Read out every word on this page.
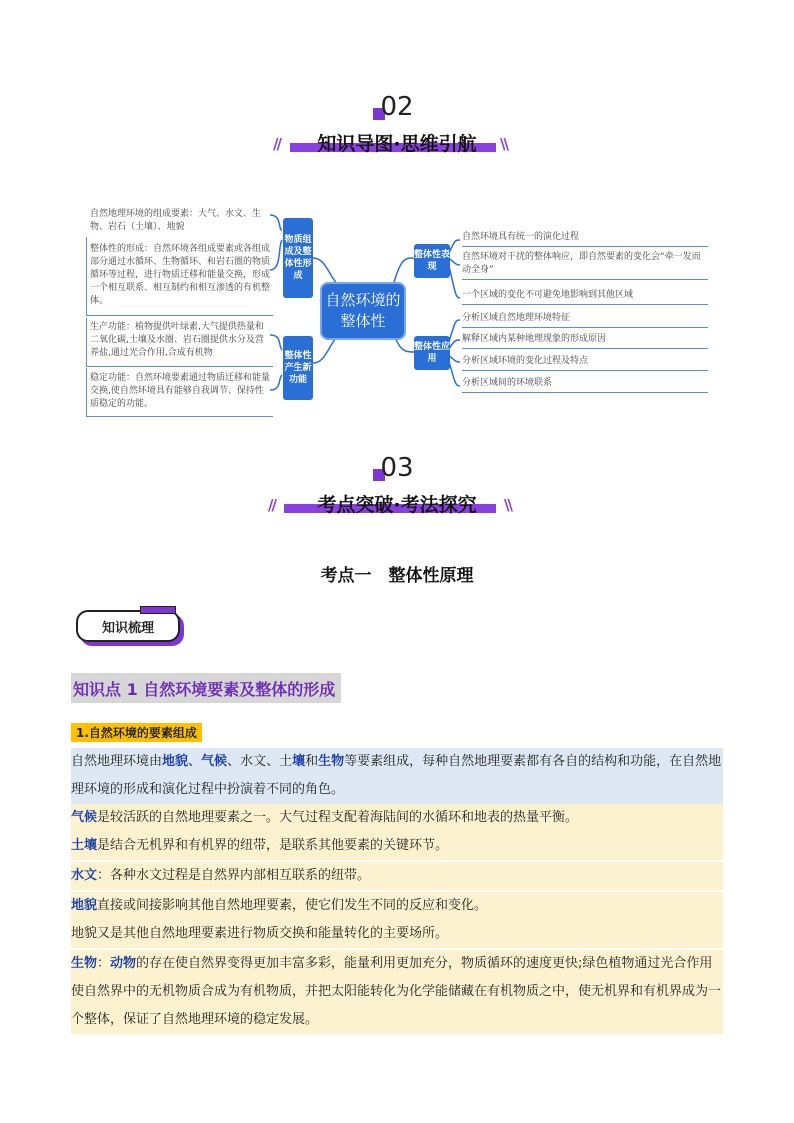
02
//	\\
知识导图·思维引航
自然地理环境的组成要素：大气、水文、生物、岩石（土壤）、地貌
整体性的形成：自然环境各组成要素或各组成部分通过水循环、生物循环、和岩石圈的物质循环等过程，进行物质迁移和能量交换，形成一个相互联系、相互制约和相互渗透的有机整体。
生产功能：植物提供叶绿素,大气提供热量和二氧化碳,土壤及水圈、岩石圈提供水分及营养盐,通过光合作用,合成有机物
稳定功能：自然环境要素通过物质迁移和能量交换,使自然环境具有能够自我调节、保持性质稳定的功能。
物质组成及整体性形成
整体性产生新功能
自然环境的整体性
整体性表现
整体性应用
自然环境具有统一的演化过程
自然环境对干扰的整体响应，即自然要素的变化会“牵一发而动全身”
一个区域的变化不可避免地影响到其他区域
分析区域自然地理环境特征
解释区域内某种地理现象的形成原因
分析区域环境的变化过程及特点
分析区域间的环境联系
03
//	\\
考点突破·考法探究
考点一　整体性原理
知识梳理
知识点 1 自然环境要素及整体的形成
1.自然环境的要素组成
自然地理环境由地貌、气候、水文、土壤和生物等要素组成，每种自然地理要素都有各自的结构和功能，在自然地理环境的形成和演化过程中扮演着不同的角色。
气候是较活跃的自然地理要素之一。大气过程支配着海陆间的水循环和地表的热量平衡。
土壤是结合无机界和有机界的纽带，是联系其他要素的关键环节。
水文：各种水文过程是自然界内部相互联系的纽带。
地貌直接或间接影响其他自然地理要素，使它们发生不同的反应和变化。
地貌又是其他自然地理要素进行物质交换和能量转化的主要场所。
生物：动物的存在使自然界变得更加丰富多彩，能量利用更加充分，物质循环的速度更快;绿色植物通过光合作用使自然界中的无机物质合成为有机物质，并把太阳能转化为化学能储藏在有机物质之中，使无机界和有机界成为一个整体，保证了自然地理环境的稳定发展。
